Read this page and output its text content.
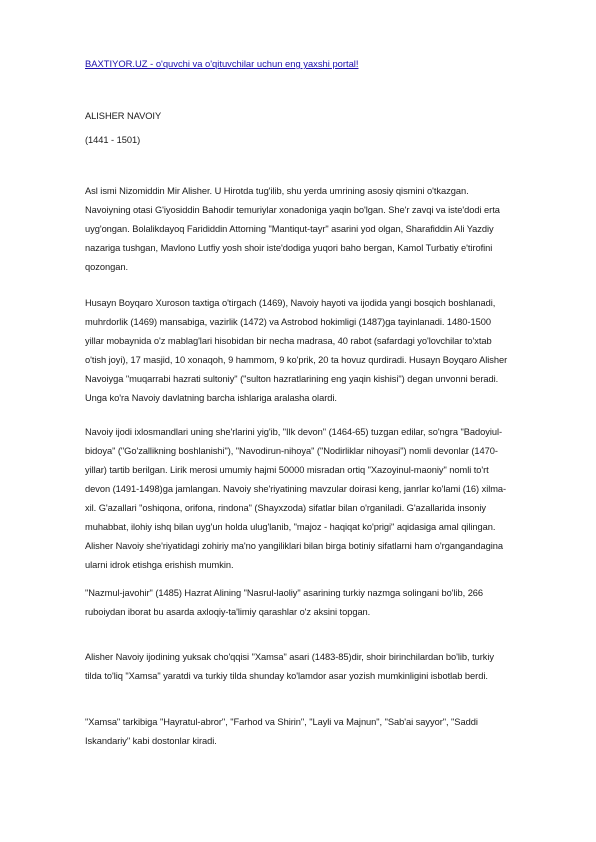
BAXTIYOR.UZ - o'quvchi va o'qituvchilar uchun eng yaxshi portal!
ALISHER NAVOIY
(1441 - 1501)
Asl ismi Nizomiddin Mir Alisher. U Hirotda tug'ilib, shu yerda umrining asosiy qismini o'tkazgan.
Navoiyning otasi G'iyosiddin Bahodir temuriylar xonadoniga yaqin bo'lgan. She'r zavqi va iste'dodi erta
uyg'ongan. Bolalikdayoq Farididdin Attorning "Mantiqut-tayr" asarini yod olgan, Sharafiddin Ali Yazdiy
nazariga tushgan, Mavlono Lutfiy yosh shoir iste'dodiga yuqori baho bergan, Kamol Turbatiy e'tirofini
qozongan.
Husayn Boyqaro Xuroson taxtiga o'tirgach (1469), Navoiy hayoti va ijodida yangi bosqich boshlanadi,
muhrdorlik (1469) mansabiga, vazirlik (1472) va Astrobod hokimligi (1487)ga tayinlanadi. 1480-1500
yillar mobaynida o'z mablag'lari hisobidan bir necha madrasa, 40 rabot (safardagi yo'lovchilar to'xtab
o'tish joyi), 17 masjid, 10 xonaqoh, 9 hammom, 9 ko'prik, 20 ta hovuz qurdiradi. Husayn Boyqaro Alisher
Navoiyga "muqarrabi hazrati sultoniy" ("sulton hazratlarining eng yaqin kishisi") degan unvonni beradi.
Unga ko'ra Navoiy davlatning barcha ishlariga aralasha olardi.
Navoiy ijodi ixlosmandlari uning she'rlarini yig'ib, "Ilk devon" (1464-65) tuzgan edilar, so'ngra "Badoyiul-
bidoya" ("Go'zallikning boshlanishi"), "Navodirun-nihoya" ("Nodirliklar nihoyasi") nomli devonlar (1470-
yillar) tartib berilgan. Lirik merosi umumiy hajmi 50000 misradan ortiq "Xazoyinul-maoniy" nomli to'rt
devon (1491-1498)ga jamlangan. Navoiy she'riyatining mavzular doirasi keng, janrlar ko'lami (16) xilma-
xil. G'azallari "oshiqona, orifona, rindona" (Shayxzoda) sifatlar bilan o'rganiladi. G'azallarida insoniy
muhabbat, ilohiy ishq bilan uyg'un holda ulug'lanib, "majoz - haqiqat ko'prigi" aqidasiga amal qilingan.
Alisher Navoiy she'riyatidagi zohiriy ma'no yangiliklari bilan birga botiniy sifatlarni ham o'rgangandagina
ularni idrok etishga erishish mumkin.
"Nazmul-javohir" (1485) Hazrat Alining "Nasrul-laoliy" asarining turkiy nazmga solingani bo'lib, 266
ruboiydan iborat bu asarda axloqiy-ta'limiy qarashlar o'z aksini topgan.
Alisher Navoiy ijodining yuksak cho'qqisi "Xamsa" asari (1483-85)dir, shoir birinchilardan bo'lib, turkiy
tilda to'liq "Xamsa" yaratdi va turkiy tilda shunday ko'lamdor asar yozish mumkinligini isbotlab berdi.
"Xamsa" tarkibiga "Hayratul-abror", "Farhod va Shirin", "Layli va Majnun", "Sab'ai sayyor", "Saddi
Iskandariy" kabi dostonlar kiradi.
